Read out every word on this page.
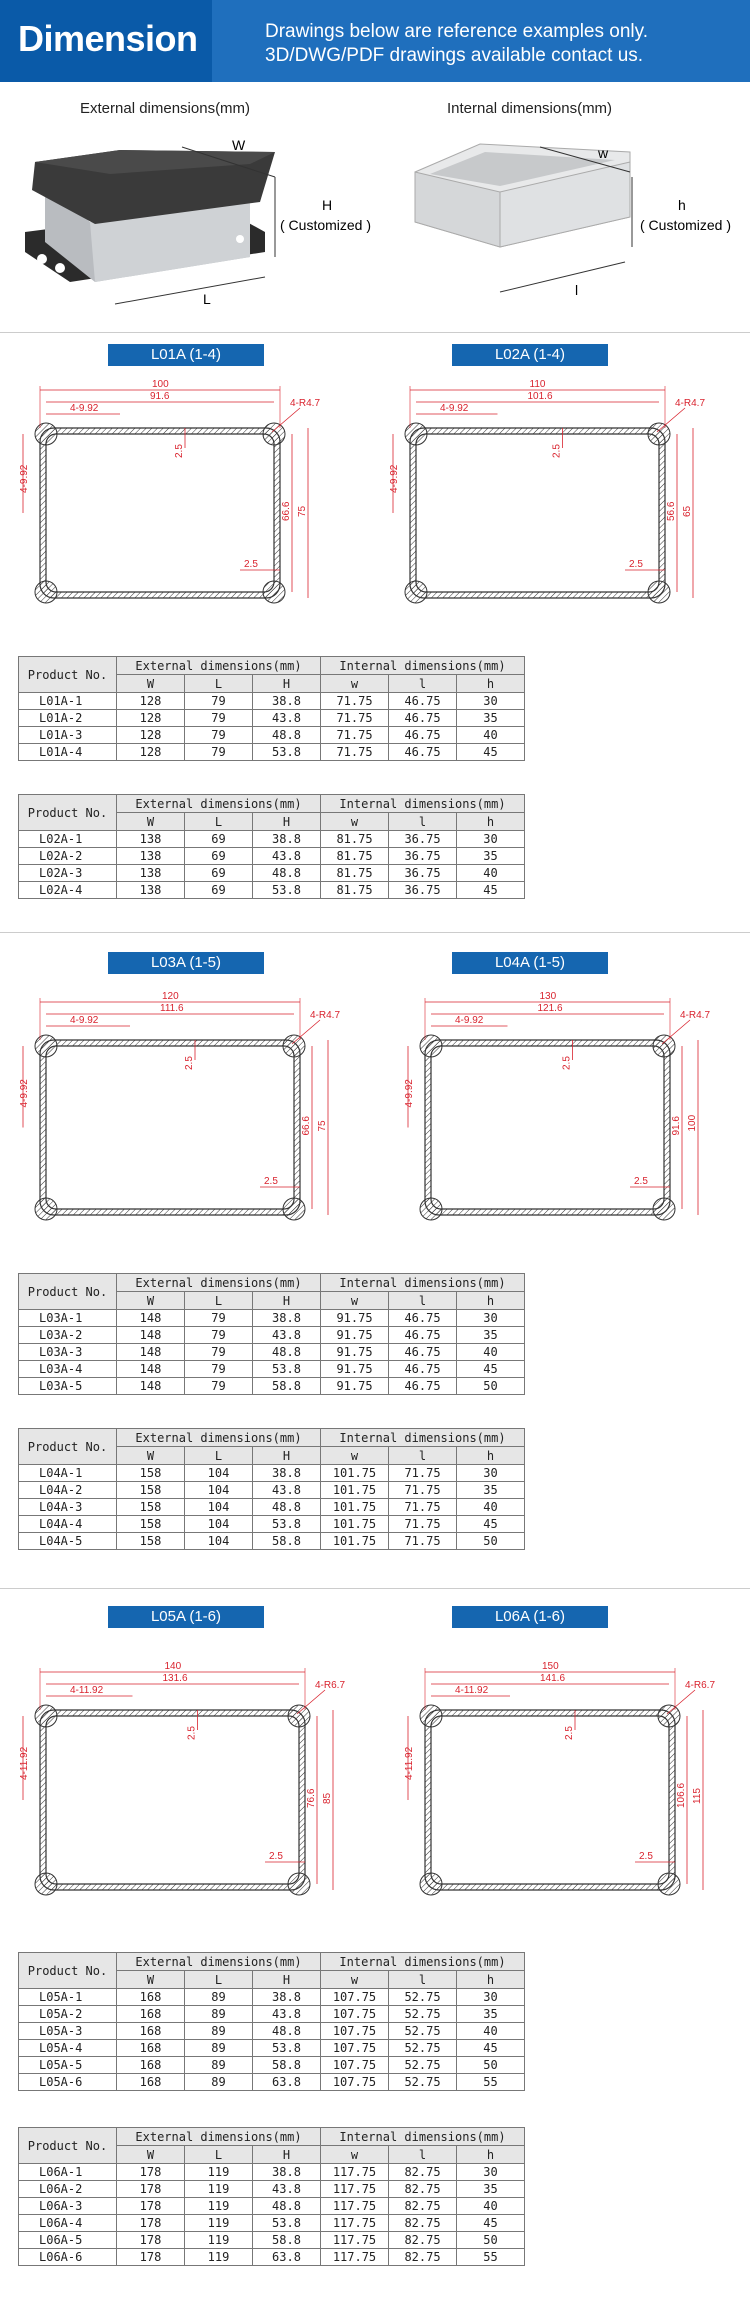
Dimension	Drawings below are reference examples only.
3D/DWG/PDF drawings available contact us.
External dimensions(mm)	Internal dimensions(mm)
W
H
( Customized )
L
w
h
( Customized )
l
L01A (1-4)
100
91.6
4-9.92	4-R4.7
4-9.92
66.6 75
2.5
2.5
Product No.	External dimensions(mm)			Internal dimensions(mm)		
	W	L	H	w	l	h
L01A-1	128	79	38.8	71.75	46.75	30
L01A-2	128	79	43.8	71.75	46.75	35
L01A-3	128	79	48.8	71.75	46.75	40
L01A-4	128	79	53.8	71.75	46.75	45
L02A (1-4)
110
101.6
4-9.92	4-R4.7
4-9.92
56.6 65
2.5
2.5
Product No.	External dimensions(mm)			Internal dimensions(mm)		
	W	L	H	w	l	h
L02A-1	138	69	38.8	81.75	36.75	30
L02A-2	138	69	43.8	81.75	36.75	35
L02A-3	138	69	48.8	81.75	36.75	40
L02A-4	138	69	53.8	81.75	36.75	45
L03A (1-5)
120
111.6
4-9.92	4-R4.7
4-9.92
66.6 75
2.5
2.5
Product No.	External dimensions(mm)			Internal dimensions(mm)		
	W	L	H	w	l	h
L03A-1	148	79	38.8	91.75	46.75	30
L03A-2	148	79	43.8	91.75	46.75	35
L03A-3	148	79	48.8	91.75	46.75	40
L03A-4	148	79	53.8	91.75	46.75	45
L03A-5	148	79	58.8	91.75	46.75	50
L04A (1-5)
130
121.6
4-9.92	4-R4.7
4-9.92
91.6 100
2.5
2.5
Product No.	External dimensions(mm)			Internal dimensions(mm)		
	W	L	H	w	l	h
L04A-1	158	104	38.8	101.75	71.75	30
L04A-2	158	104	43.8	101.75	71.75	35
L04A-3	158	104	48.8	101.75	71.75	40
L04A-4	158	104	53.8	101.75	71.75	45
L04A-5	158	104	58.8	101.75	71.75	50
L05A (1-6)
140
131.6
4-11.92	4-R6.7
4-11.92
76.6 85
2.5
2.5
Product No.	External dimensions(mm)			Internal dimensions(mm)		
	W	L	H	w	l	h
L05A-1	168	89	38.8	107.75	52.75	30
L05A-2	168	89	43.8	107.75	52.75	35
L05A-3	168	89	48.8	107.75	52.75	40
L05A-4	168	89	53.8	107.75	52.75	45
L05A-5	168	89	58.8	107.75	52.75	50
L05A-6	168	89	63.8	107.75	52.75	55
L06A (1-6)
150
141.6
4-11.92	4-R6.7
4-11.92
106.6 115
2.5
2.5
Product No.	External dimensions(mm)			Internal dimensions(mm)		
	W	L	H	w	l	h
L06A-1	178	119	38.8	117.75	82.75	30
L06A-2	178	119	43.8	117.75	82.75	35
L06A-3	178	119	48.8	117.75	82.75	40
L06A-4	178	119	53.8	117.75	82.75	45
L06A-5	178	119	58.8	117.75	82.75	50
L06A-6	178	119	63.8	117.75	82.75	55
